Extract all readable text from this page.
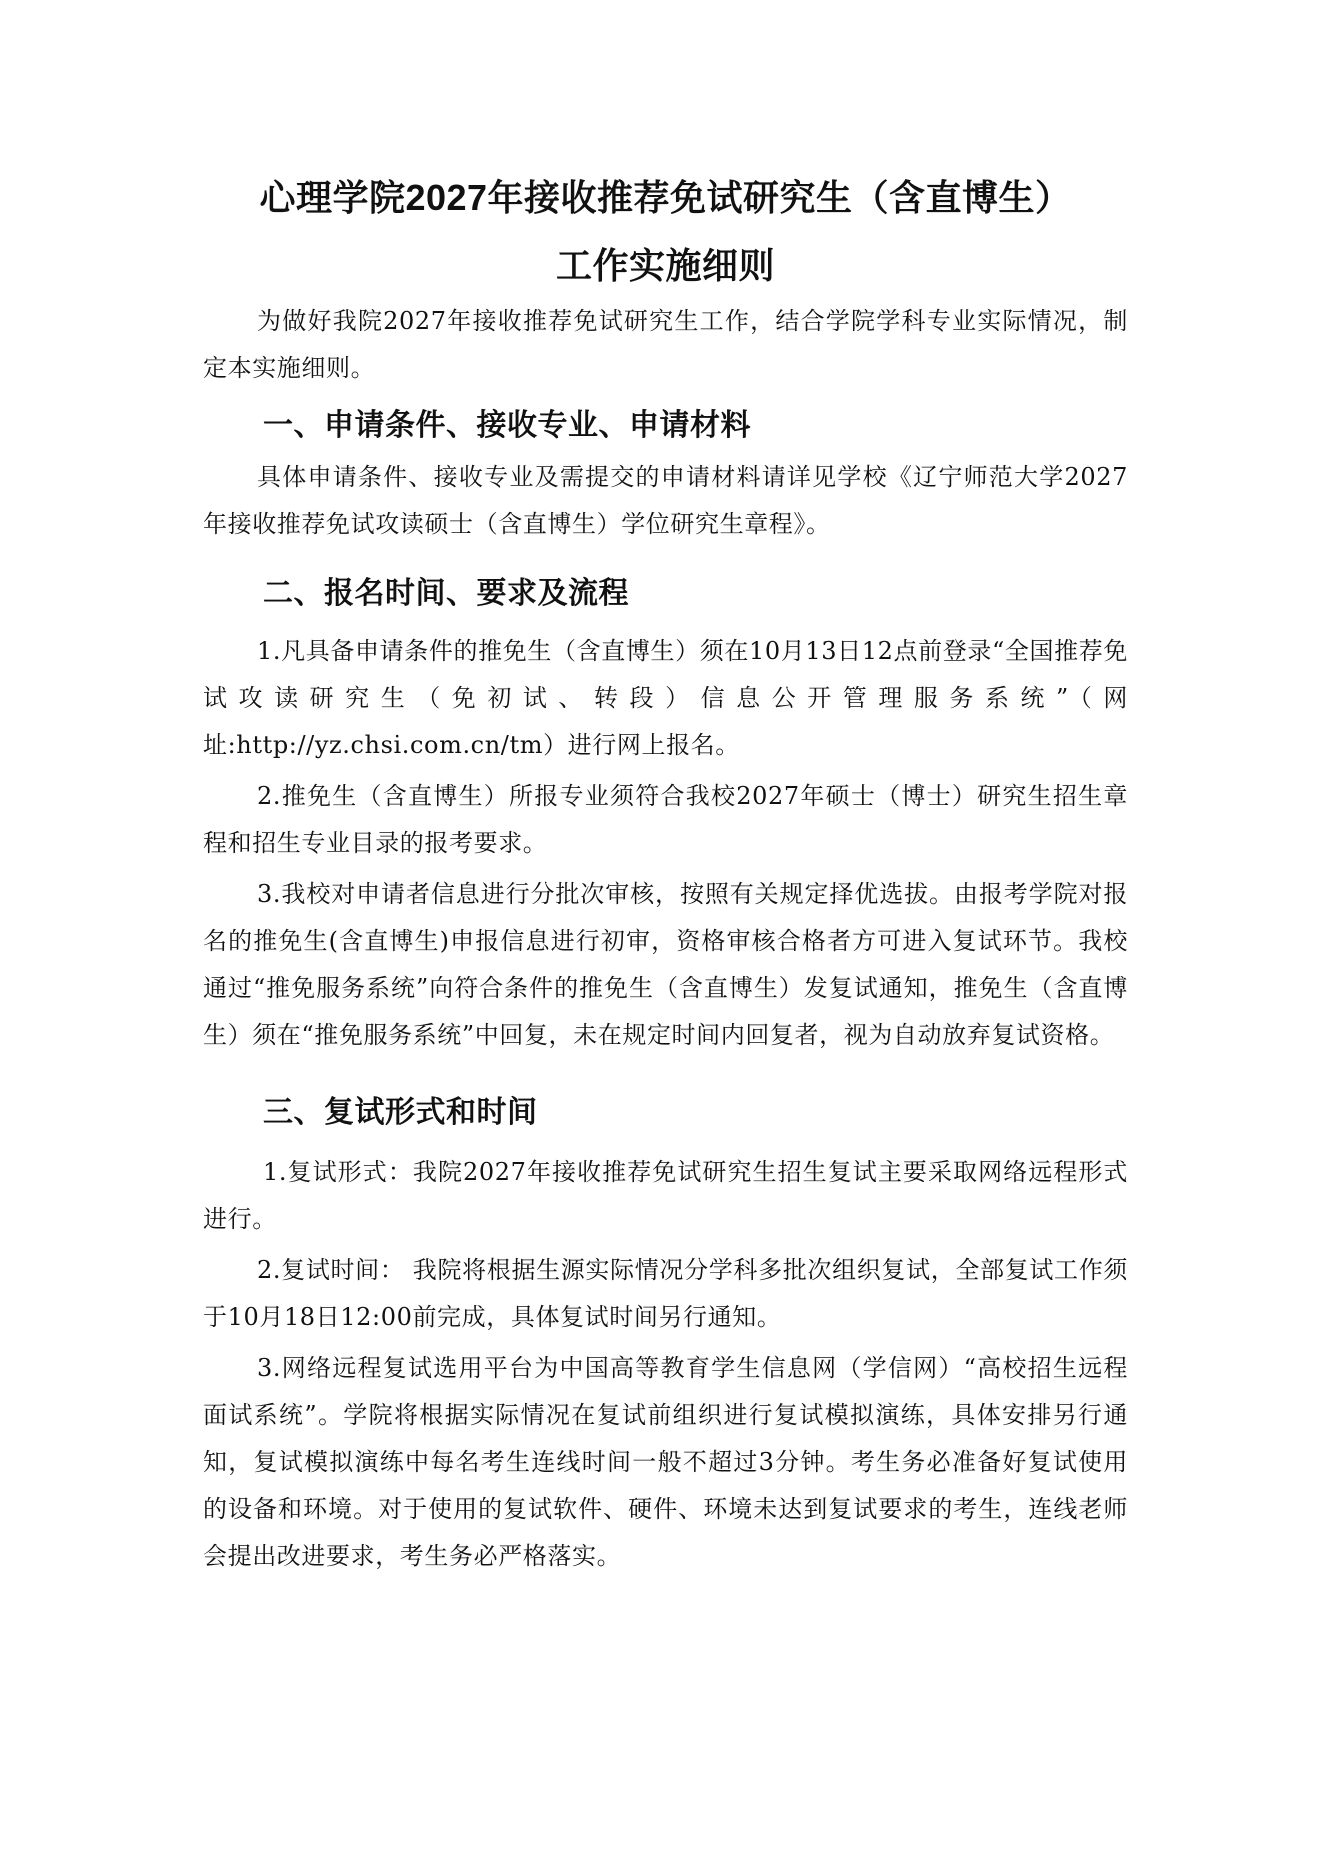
心理学院2027年接收推荐免试研究生（含直博生）
工作实施细则

为做好我院2027年接收推荐免试研究生工作，结合学院学科专业实际情况，制定本实施细则。

一、申请条件、接收专业、申请材料

具体申请条件、接收专业及需提交的申请材料请详见学校《辽宁师范大学2027年接收推荐免试攻读硕士（含直博生）学位研究生章程》。

二、报名时间、要求及流程

1.凡具备申请条件的推免生（含直博生）须在10月13日12点前登录“全国推荐免试攻读研究生（免初试、转段）信息公开管理服务系统”（网址:http://yz.chsi.com.cn/tm）进行网上报名。

2.推免生（含直博生）所报专业须符合我校2027年硕士（博士）研究生招生章程和招生专业目录的报考要求。

3.我校对申请者信息进行分批次审核，按照有关规定择优选拔。由报考学院对报名的推免生(含直博生)申报信息进行初审，资格审核合格者方可进入复试环节。我校通过“推免服务系统”向符合条件的推免生（含直博生）发复试通知，推免生（含直博生）须在“推免服务系统”中回复，未在规定时间内回复者，视为自动放弃复试资格。

三、复试形式和时间

1.复试形式：我院2027年接收推荐免试研究生招生复试主要采取网络远程形式进行。

2.复试时间： 我院将根据生源实际情况分学科多批次组织复试，全部复试工作须于10月18日12:00前完成，具体复试时间另行通知。

3.网络远程复试选用平台为中国高等教育学生信息网（学信网）“高校招生远程面试系统”。学院将根据实际情况在复试前组织进行复试模拟演练，具体安排另行通知，复试模拟演练中每名考生连线时间一般不超过3分钟。考生务必准备好复试使用的设备和环境。对于使用的复试软件、硬件、环境未达到复试要求的考生，连线老师会提出改进要求，考生务必严格落实。
